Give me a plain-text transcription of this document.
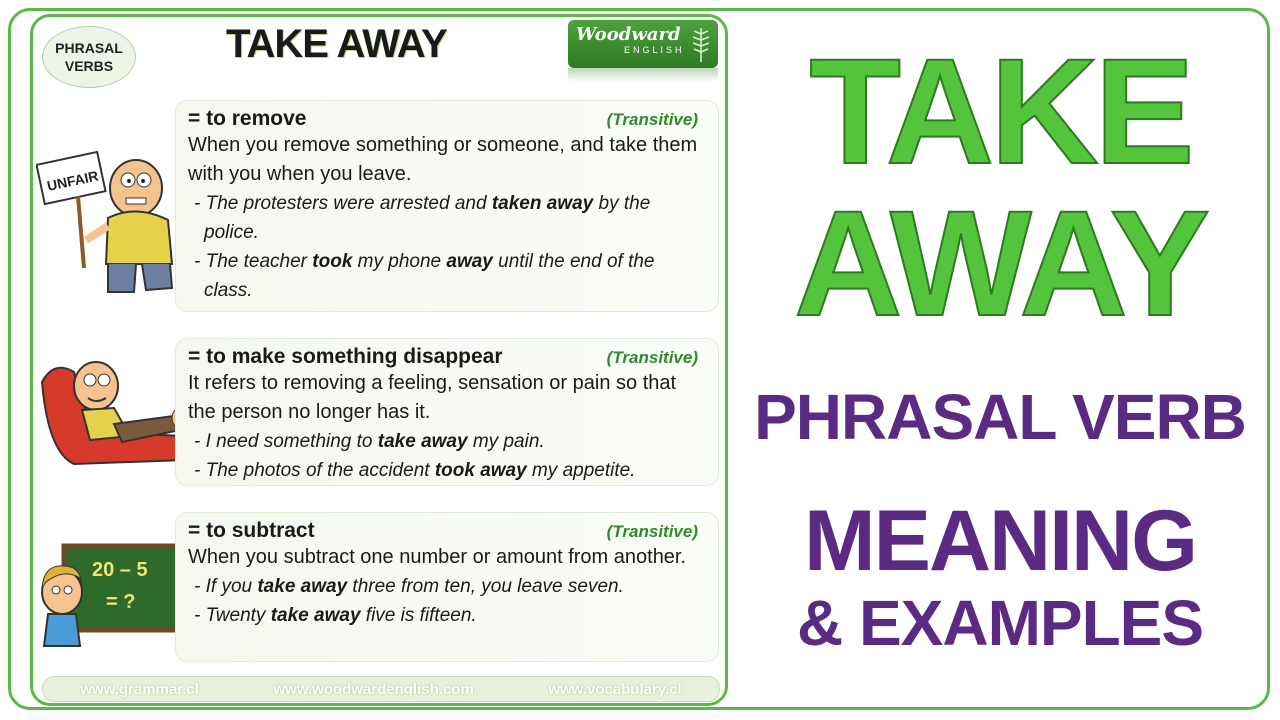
PHRASAL
VERBS	TAKE AWAY	Woodward
ENGLISH
UNFAIR
20 – 5
= ?
= to remove	(Transitive)
When you remove something or someone, and take them with you when you leave.
- The protesters were arrested and taken away by the police.
- The teacher took my phone away until the end of the class.
= to make something disappear	(Transitive)
It refers to removing a feeling, sensation or pain so that the person no longer has it.
- I need something to take away my pain.
- The photos of the accident took away my appetite.
= to subtract	(Transitive)
When you subtract one number or amount from another.
- If you take away three from ten, you leave seven.
- Twenty take away five is fifteen.
www.grammar.cl	www.woodwardenglish.com	www.vocabulary.cl
TAKE
AWAY
PHRASAL VERB
MEANING
& EXAMPLES
